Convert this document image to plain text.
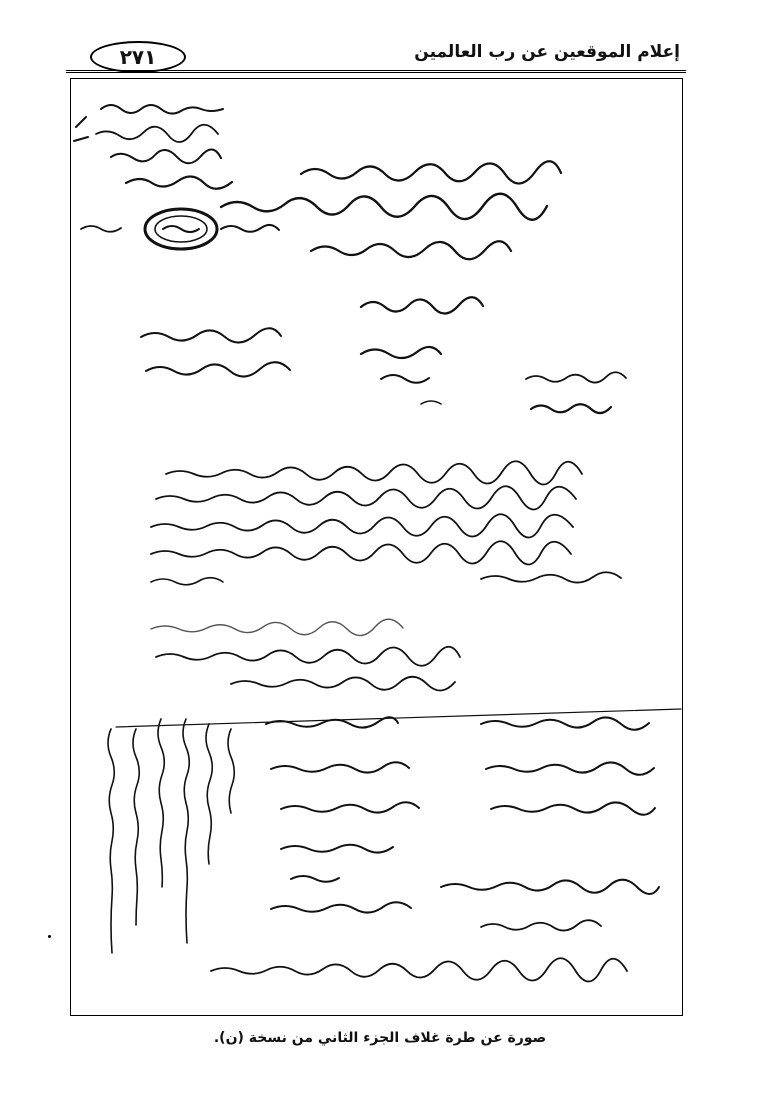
إعلام الموقعين عن رب العالمين
٢٧١
صورة عن طرة غلاف الجزء الثاني من نسخة (ن).
